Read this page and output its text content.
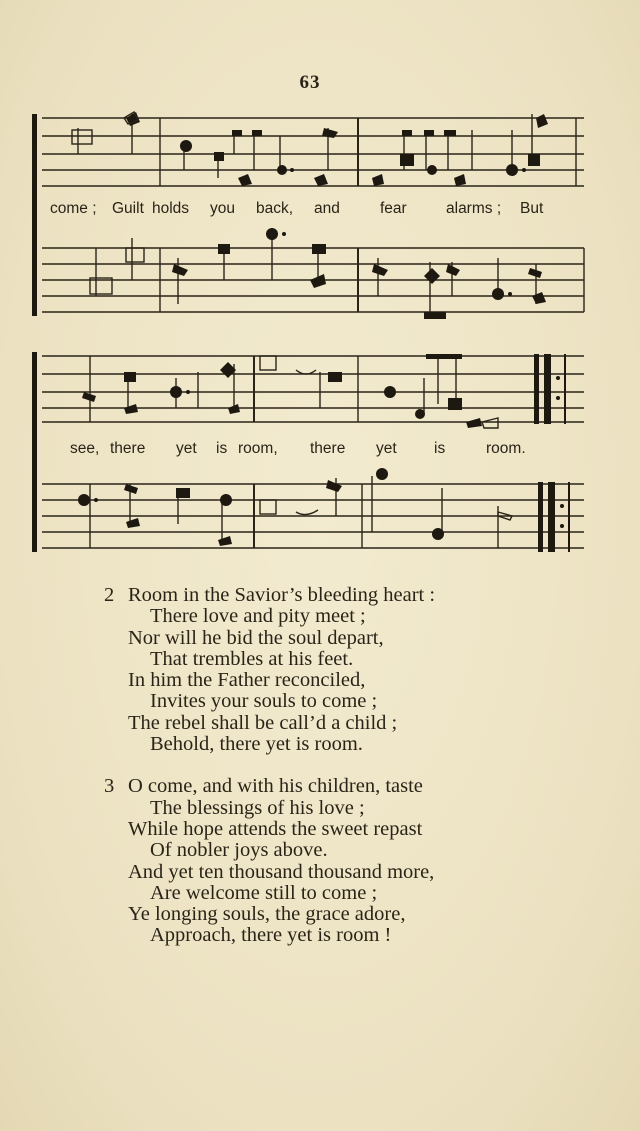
63
come ; Guilt holds you back, and	fear	alarms ; But
see, there yet is room, there yet is	room.
2 Room in the Savior’s bleeding heart :
There love and pity meet ;
Nor will he bid the soul depart,
That trembles at his feet.
In him the Father reconciled,
Invites your souls to come ;
The rebel shall be call’d a child ;
Behold, there yet is room.
3 O come, and with his children, taste
The blessings of his love ;
While hope attends the sweet repast
Of nobler joys above.
And yet ten thousand thousand more,
Are welcome still to come ;
Ye longing souls, the grace adore,
Approach, there yet is room !
